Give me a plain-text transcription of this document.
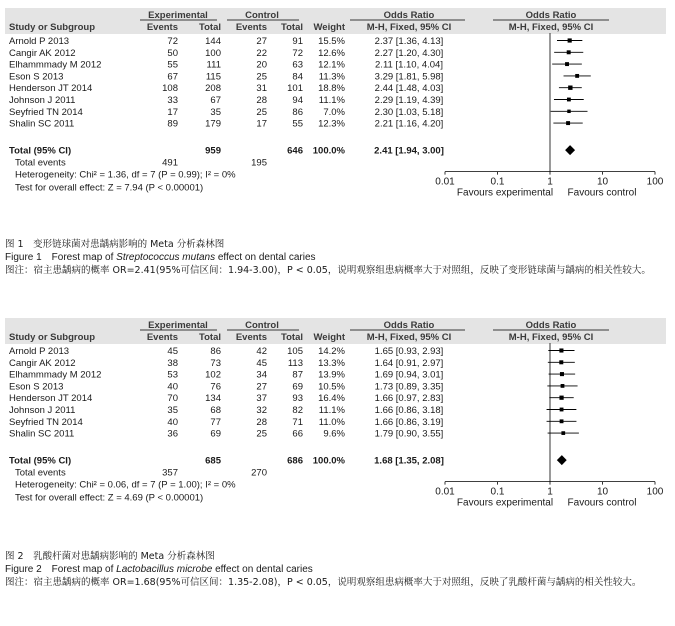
Experimental	Control	Odds Ratio	Odds Ratio
Study or Subgroup	Events Total Events Total Weight M-H, Fixed, 95% CI	M-H, Fixed, 95% CI
Arnold P 2013	72	144	27	91 15.5%	2.37 [1.36, 4.13]
Cangir AK 2012	50	100	22	72 12.6%	2.27 [1.20, 4.30]
Elhammmady M 2012	55	111	20	63 12.1%	2.11 [1.10, 4.04]
Eson S 2013	67	115	25	84 11.3%	3.29 [1.81, 5.98]
Henderson JT 2014	108	208	31 101 18.8%	2.44 [1.48, 4.03]
Johnson J 2011	33	67	28	94 11.1%	2.29 [1.19, 4.39]
Seyfried TN 2014	17	35	25	86 7.0%	2.30 [1.03, 5.18]
Shalin SC 2011	89	179	17	55 12.3%	2.21 [1.16, 4.20]
Total (95% CI)	959	646 100.0%	2.41 [1.94, 3.00]
Total events	491	195
Heterogeneity: Chi² = 1.36, df = 7 (P = 0.99); I² = 0%
Test for overall effect: Z = 7.94 (P < 0.00001)
0.01	0.1	1	10	100
Favours experimental Favours control
图 1　变形链球菌对患龋病影响的 Meta 分析森林图
Figure 1　Forest map of Streptococcus mutans effect on dental caries
图注：宿主患龋病的概率 OR=2.41(95%可信区间：1.94-3.00)，P < 0.05，说明观察组患病概率大于对照组，反映了变形链球菌与龋病的相关性较大。
Experimental	Control	Odds Ratio	Odds Ratio
Study or Subgroup	Events Total Events Total Weight M-H, Fixed, 95% CI	M-H, Fixed, 95% CI
Arnold P 2013	45	86	42 105 14.2%	1.65 [0.93, 2.93]
Cangir AK 2012	38	73	45 113 13.3%	1.64 [0.91, 2.97]
Elhammmady M 2012	53	102	34	87 13.9%	1.69 [0.94, 3.01]
Eson S 2013	40	76	27	69 10.5%	1.73 [0.89, 3.35]
Henderson JT 2014	70	134	37	93 16.4%	1.66 [0.97, 2.83]
Johnson J 2011	35	68	32	82 11.1%	1.66 [0.86, 3.18]
Seyfried TN 2014	40	77	28	71 11.0%	1.66 [0.86, 3.19]
Shalin SC 2011	36	69	25	66 9.6%	1.79 [0.90, 3.55]
Total (95% CI)	685	686 100.0%	1.68 [1.35, 2.08]
Total events	357	270
Heterogeneity: Chi² = 0.06, df = 7 (P = 1.00); I² = 0%
Test for overall effect: Z = 4.69 (P < 0.00001)
0.01	0.1	1	10	100
Favours experimental Favours control
图 2　乳酸杆菌对患龋病影响的 Meta 分析森林图
Figure 2　Forest map of Lactobacillus microbe effect on dental caries
图注：宿主患龋病的概率 OR=1.68(95%可信区间：1.35-2.08)，P < 0.05，说明观察组患病概率大于对照组，反映了乳酸杆菌与龋病的相关性较大。
